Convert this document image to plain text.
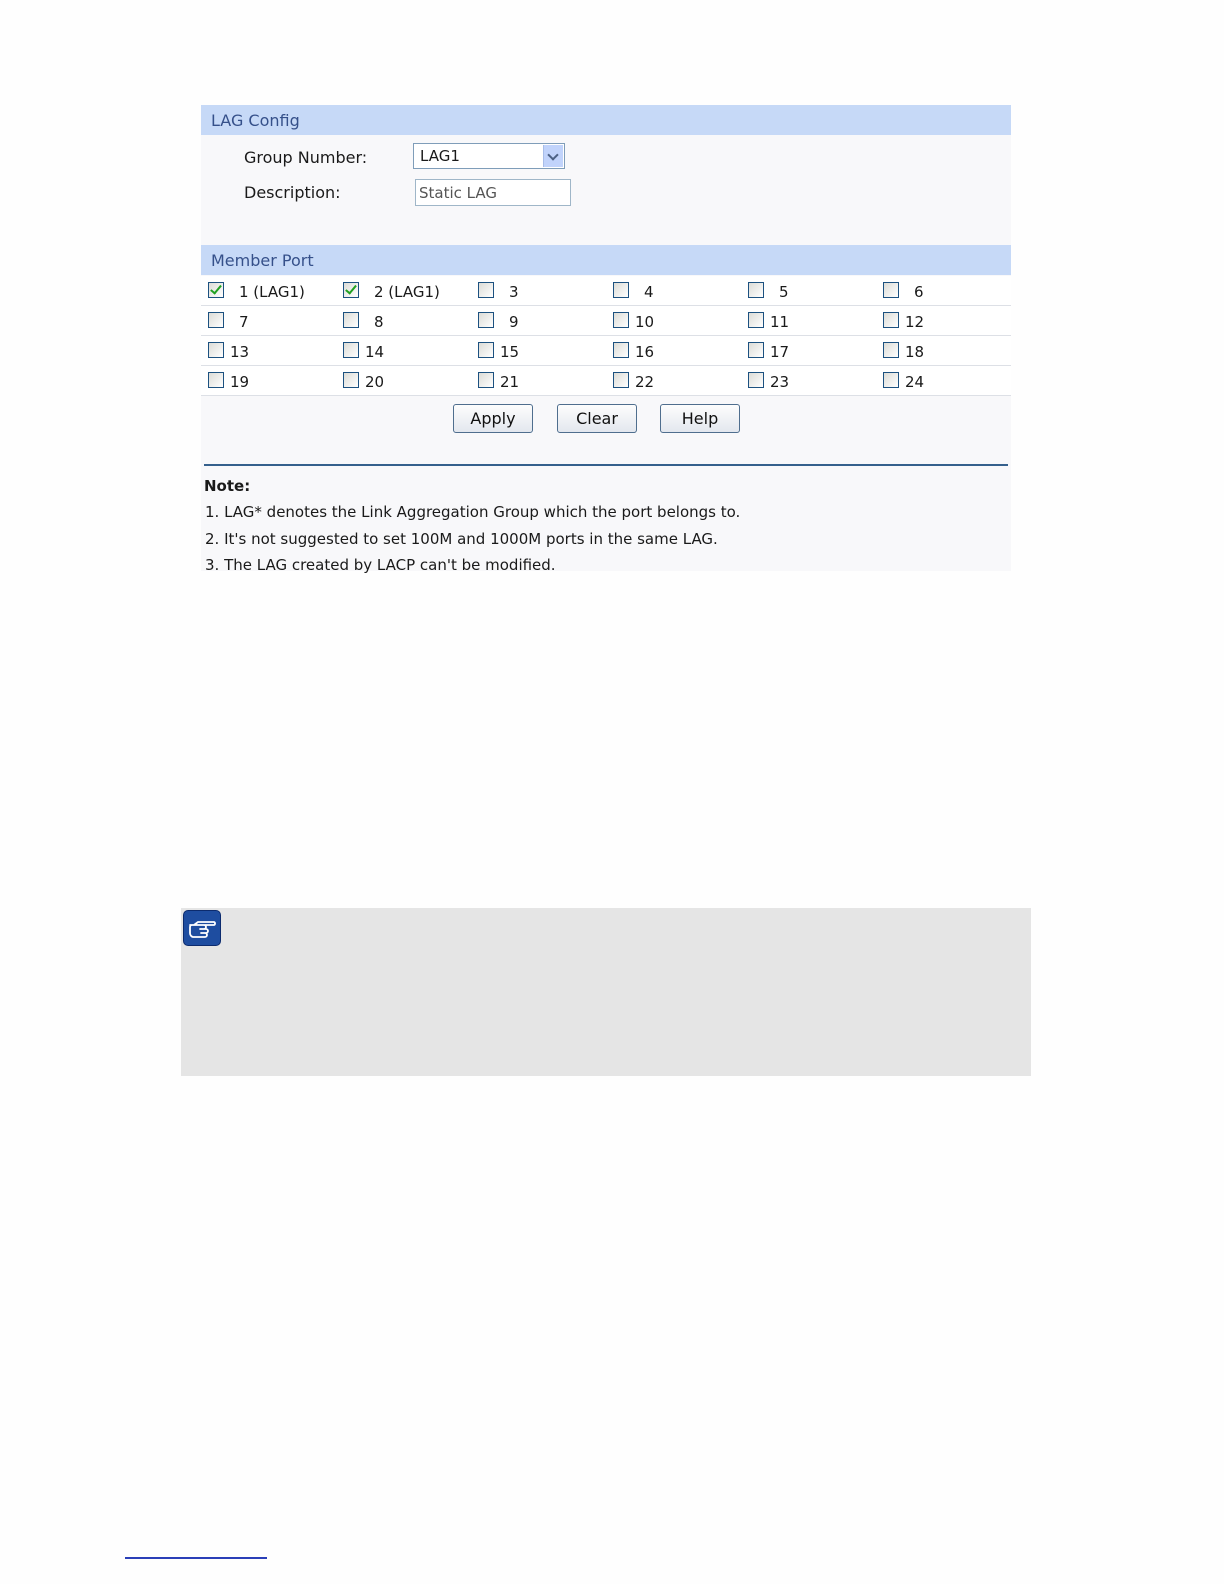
LAG Config
Group Number:	LAG1
Description:
Static LAG
Member Port
1 (LAG1)	2 (LAG1)	3	4	5	6

7	8	9	10	11	12

13	14	15	16	17	18

19	20	21	22	23	24
Apply	Clear	Help
Note:
1. LAG* denotes the Link Aggregation Group which the port belongs to.
2. It's not suggested to set 100M and 1000M ports in the same LAG.
3. The LAG created by LACP can't be modified.
